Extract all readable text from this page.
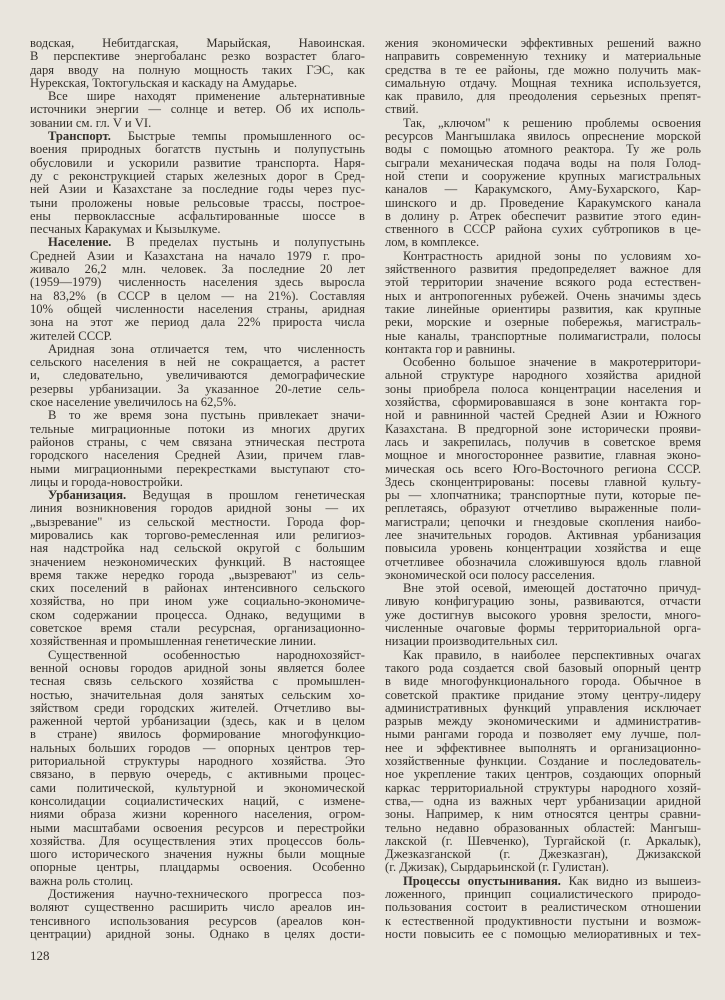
водская, Небитдагская, Марыйская, Навоинская.
В перспективе энергобаланс резко возрастет благо-
даря вводу на полную мощность таких ГЭС, как
Нурекская, Токтогульская и каскаду на Амударье.
Все шире находят применение альтернативные
источники энергии — солнце и ветер. Об их исполь-
зовании см. гл. V и VI.
Транспорт. Быстрые темпы промышленного ос-
воения природных богатств пустынь и полупустынь
обусловили и ускорили развитие транспорта. Наря-
ду с реконструкцией старых железных дорог в Сред-
ней Азии и Казахстане за последние годы через пус-
тыни проложены новые рельсовые трассы, построе-
ены первоклассные асфальтированные шоссе в
песчаных Каракумах и Кызылкуме.
Население. В пределах пустынь и полупустынь
Средней Азии и Казахстана на начало 1979 г. про-
живало 26,2 млн. человек. За последние 20 лет
(1959—1979) численность населения здесь выросла
на 83,2% (в СССР в целом — на 21%). Составляя
10% общей численности населения страны, аридная
зона на этот же период дала 22% прироста числа
жителей СССР.
Аридная зона отличается тем, что численность
сельского населения в ней не сокращается, а растет
и, следовательно, увеличиваются демографические
резервы урбанизации. За указанное 20-летие сель-
ское население увеличилось на 62,5%.
В то же время зона пустынь привлекает значи-
тельные миграционные потоки из многих других
районов страны, с чем связана этническая пестрота
городского населения Средней Азии, причем глав-
ными миграционными перекрестками выступают сто-
лицы и города-новостройки.
Урбанизация. Ведущая в прошлом генетическая
линия возникновения городов аридной зоны — их
„вызревание" из сельской местности. Города фор-
мировались как торгово-ремесленная или религиоз-
ная надстройка над сельской округой с большим
значением неэкономических функций. В настоящее
время также нередко города „вызревают" из сель-
ских поселений в районах интенсивного сельского
хозяйства, но при ином уже социально-экономиче-
ском содержании процесса. Однако, ведущими в
советское время стали ресурсная, организационно-
хозяйственная и промышленная генетические линии.
Существенной особенностью народнохозяйст-
венной основы городов аридной зоны является более
тесная связь сельского хозяйства с промышлен-
ностью, значительная доля занятых сельским хо-
зяйством среди городских жителей. Отчетливо вы-
раженной чертой урбанизации (здесь, как и в целом
в стране) явилось формирование многофункцио-
нальных больших городов — опорных центров тер-
риториальной структуры народного хозяйства. Это
связано, в первую очередь, с активными процес-
сами политической, культурной и экономической
консолидации социалистических наций, с измене-
ниями образа жизни коренного населения, огром-
ными масштабами освоения ресурсов и перестройки
хозяйства. Для осуществления этих процессов боль-
шого исторического значения нужны были мощные
опорные центры, плацдармы освоения. Особенно
важна роль столиц.
Достижения научно-технического прогресса поз-
воляют существенно расширить число ареалов ин-
тенсивного использования ресурсов (ареалов кон-
центрации) аридной зоны. Однако в целях дости-
жения экономически эффективных решений важно
направить современную технику и материальные
средства в те ее районы, где можно получить мак-
симальную отдачу. Мощная техника используется,
как правило, для преодоления серьезных препят-
ствий.
Так, „ключом" к решению проблемы освоения
ресурсов Мангышлака явилось опреснение морской
воды с помощью атомного реактора. Ту же роль
сыграли механическая подача воды на поля Голод-
ной степи и сооружение крупных магистральных
каналов — Каракумского, Аму-Бухарского, Кар-
шинского и др. Проведение Каракумского канала
в долину р. Атрек обеспечит развитие этого един-
ственного в СССР района сухих субтропиков в це-
лом, в комплексе.
Контрастность аридной зоны по условиям хо-
зяйственного развития предопределяет важное для
этой территории значение всякого рода естествен-
ных и антропогенных рубежей. Очень значимы здесь
такие линейные ориентиры развития, как крупные
реки, морские и озерные побережья, магистраль-
ные каналы, транспортные полимагистрали, полосы
контакта гор и равнины.
Особенно большое значение в макротерритори-
альной структуре народного хозяйства аридной
зоны приобрела полоса концентрации населения и
хозяйства, сформировавшаяся в зоне контакта гор-
ной и равнинной частей Средней Азии и Южного
Казахстана. В предгорной зоне исторически прояви-
лась и закрепилась, получив в советское время
мощное и многостороннее развитие, главная эконо-
мическая ось всего Юго-Восточного региона СССР.
Здесь сконцентрированы: посевы главной культу-
ры — хлопчатника; транспортные пути, которые пе-
реплетаясь, образуют отчетливо выраженные поли-
магистрали; цепочки и гнездовые скопления наибо-
лее значительных городов. Активная урбанизация
повысила уровень концентрации хозяйства и еще
отчетливее обозначила сложившуюся вдоль главной
экономической оси полосу расселения.
Вне этой осевой, имеющей достаточно причуд-
ливую конфигурацию зоны, развиваются, отчасти
уже достигнув высокого уровня зрелости, много-
численные очаговые формы территориальной орга-
низации производительных сил.
Как правило, в наиболее перспективных очагах
такого рода создается свой базовый опорный центр
в виде многофункционального города. Обычное в
советской практике придание этому центру-лидеру
административных функций управления исключает
разрыв между экономическими и административ-
ными рангами города и позволяет ему лучше, пол-
нее и эффективнее выполнять и организационно-
хозяйственные функции. Создание и последователь-
ное укрепление таких центров, создающих опорный
каркас территориальной структуры народного хозяй-
ства,— одна из важных черт урбанизации аридной
зоны. Например, к ним относятся центры сравни-
тельно недавно образованных областей: Мангыш-
лакской (г. Шевченко), Тургайской (г. Аркалык),
Джезказганской (г. Джезказган), Джизакской
(г. Джизак), Сырдарьинской (г. Гулистан).
Процессы опустынивания. Как видно из вышеиз-
ложенного, принцип социалистического природо-
пользования состоит в реалистическом отношении
к естественной продуктивности пустыни и возмож-
ности повысить ее с помощью мелиоративных и тех-
128
